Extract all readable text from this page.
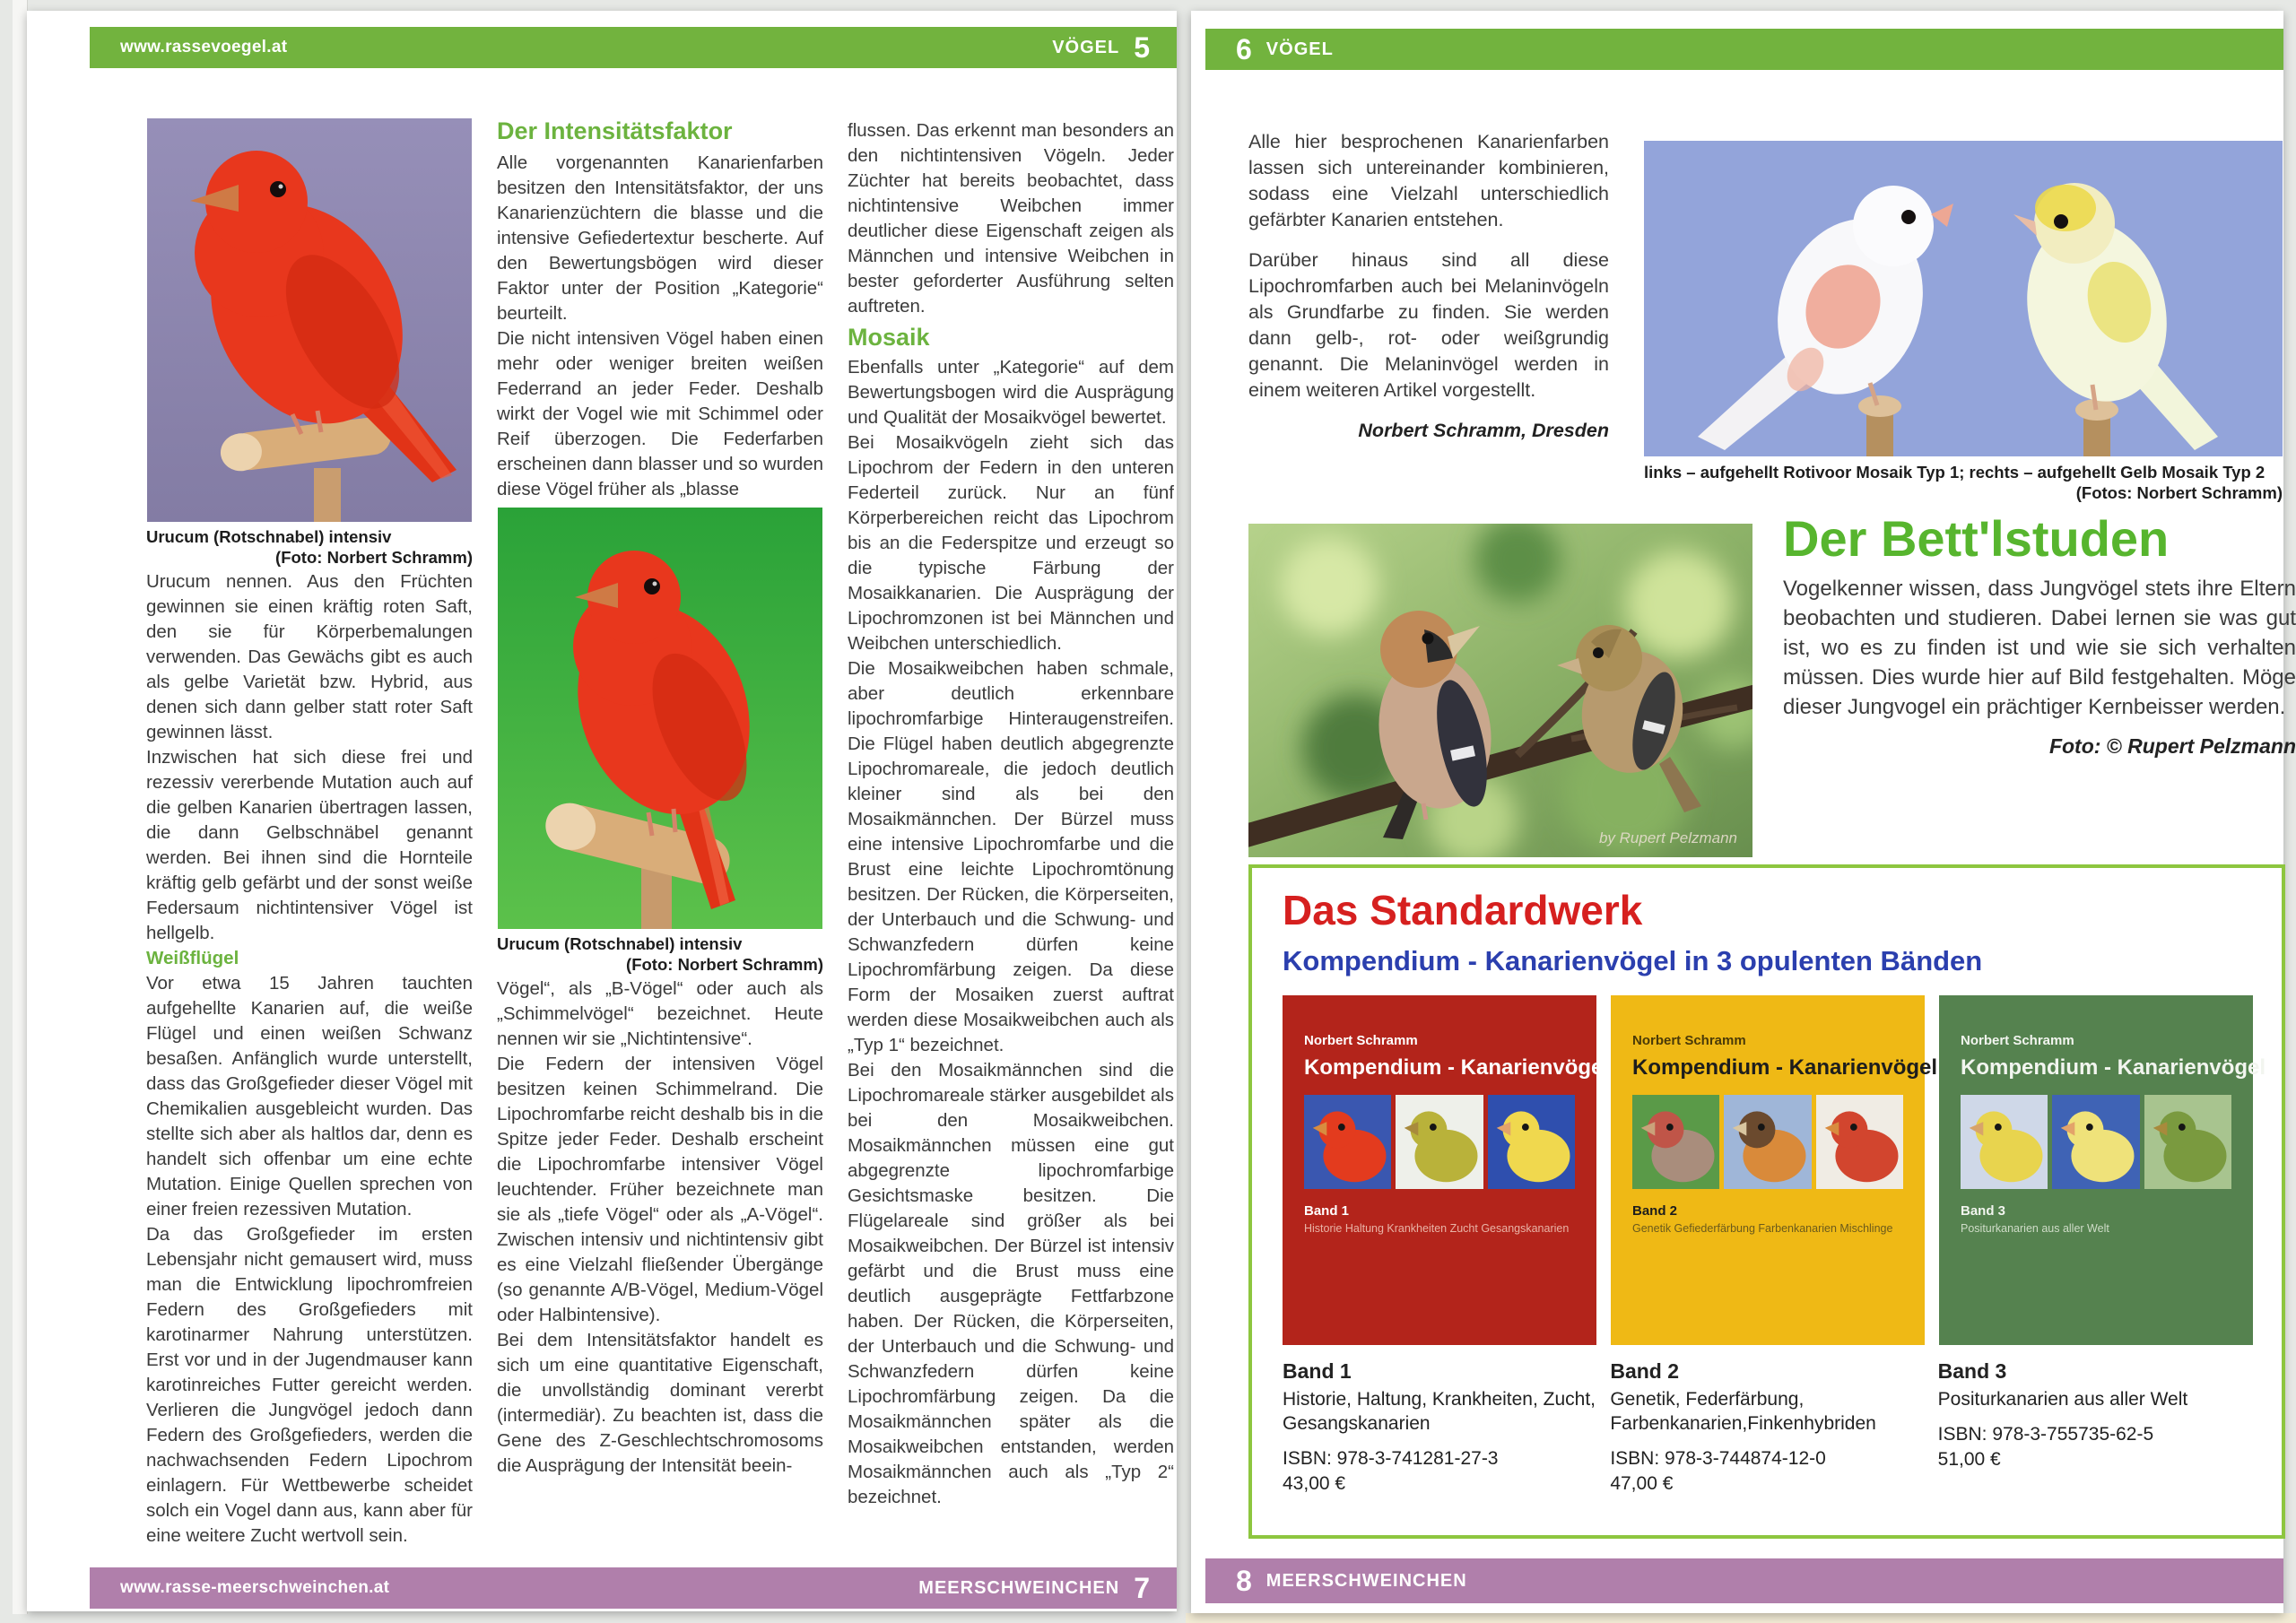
www.rassevoegel.at	VÖGEL 5
Urucum (Rotschnabel) intensiv
(Foto: Norbert Schramm)

Urucum nennen. Aus den Früchten gewinnen sie einen kräftig roten Saft, den sie für Körperbemalungen verwenden. Das Gewächs gibt es auch als gelbe Varietät bzw. Hybrid, aus denen sich dann gelber statt roter Saft gewinnen lässt.

Inzwischen hat sich diese frei und rezessiv vererbende Mutation auch auf die gelben Kanarien übertragen lassen, die dann Gelbschnäbel genannt werden. Bei ihnen sind die Hornteile kräftig gelb gefärbt und der sonst weiße Federsaum nichtintensiver Vögel ist hellgelb.

Weißflügel

Vor etwa 15 Jahren tauchten aufgehellte Kanarien auf, die weiße Flügel und einen weißen Schwanz besaßen. Anfänglich wurde unterstellt, dass das Großgefieder dieser Vögel mit Chemikalien ausgebleicht wurden. Das stellte sich aber als haltlos dar, denn es handelt sich offenbar um eine echte Mutation. Einige Quellen sprechen von einer freien rezessiven Mutation.

Da das Großgefieder im ersten Lebensjahr nicht gemausert wird, muss man die Entwicklung lipochromfreien Federn des Großgefieders mit karotinarmer Nahrung unterstützen. Erst vor und in der Jugendmauser kann karotinreiches Futter gereicht werden. Verlieren die Jungvögel jedoch dann Federn des Großgefieders, werden die nachwachsenden Federn Lipochrom einlagern. Für Wettbewerbe scheidet solch ein Vogel dann aus, kann aber für eine weitere Zucht wertvoll sein.

Der Intensitätsfaktor

Alle vorgenannten Kanarienfarben besitzen den Intensitätsfaktor, der uns Kanarienzüchtern die blasse und die intensive Gefiedertextur bescherte. Auf den Bewertungsbögen wird dieser Faktor unter der Position „Kategorie“ beurteilt.

Die nicht intensiven Vögel haben einen mehr oder weniger breiten weißen Federrand an jeder Feder. Deshalb wirkt der Vogel wie mit Schimmel oder Reif überzogen. Die Federfarben erscheinen dann blasser und so wurden diese Vögel früher als „blasse

Urucum (Rotschnabel) intensiv
(Foto: Norbert Schramm)

Vögel“, als „B-Vögel“ oder auch als „Schimmelvögel“ bezeichnet. Heute nennen wir sie „Nichtintensive“.

Die Federn der intensiven Vögel besitzen keinen Schimmelrand. Die Lipochromfarbe reicht deshalb bis in die Spitze jeder Feder. Deshalb erscheint die Lipochromfarbe intensiver Vögel leuchtender. Früher bezeichnete man sie als „tiefe Vögel“ oder als „A-Vögel“. Zwischen intensiv und nichtintensiv gibt es eine Vielzahl fließender Übergänge (so genannte A/B-Vögel, Medium-Vögel oder Halbintensive).

Bei dem Intensitätsfaktor handelt es sich um eine quantitative Eigenschaft, die unvollständig dominant vererbt (intermediär). Zu beachten ist, dass die Gene des Z-Geschlechtschromosoms die Ausprägung der Intensität beein-

flussen. Das erkennt man besonders an den nichtintensiven Vögeln. Jeder Züchter hat bereits beobachtet, dass nichtintensive Weibchen immer deutlicher diese Eigenschaft zeigen als Männchen und intensive Weibchen in bester geforderter Ausführung selten auftreten.

Mosaik

Ebenfalls unter „Kategorie“ auf dem Bewertungsbogen wird die Ausprägung und Qualität der Mosaikvögel bewertet.

Bei Mosaikvögeln zieht sich das Lipochrom der Federn in den unteren Federteil zurück. Nur an fünf Körperbereichen reicht das Lipochrom bis an die Federspitze und erzeugt so die typische Färbung der Mosaikkanarien. Die Ausprägung der Lipochromzonen ist bei Männchen und Weibchen unterschiedlich.

Die Mosaikweibchen haben schmale, aber deutlich erkennbare lipochromfarbige Hinteraugenstreifen. Die Flügel haben deutlich abgegrenzte Lipochromareale, die jedoch deutlich kleiner sind als bei den Mosaikmännchen. Der Bürzel muss eine intensive Lipochromfarbe und die Brust eine leichte Lipochromtönung besitzen. Der Rücken, die Körperseiten, der Unterbauch und die Schwung- und Schwanzfedern dürfen keine Lipochromfärbung zeigen. Da diese Form der Mosaiken zuerst auftrat werden diese Mosaikweibchen auch als „Typ 1“ bezeichnet.

Bei den Mosaikmännchen sind die Lipochromareale stärker ausgebildet als bei den Mosaikweibchen. Mosaikmännchen müssen eine gut abgegrenzte lipochromfarbige Gesichtsmaske besitzen. Die Flügelareale sind größer als bei Mosaikweibchen. Der Bürzel ist intensiv gefärbt und die Brust muss eine deutlich ausgeprägte Fettfarbzone haben. Der Rücken, die Körperseiten, der Unterbauch und die Schwung- und Schwanzfedern dürfen keine Lipochromfärbung zeigen. Da die Mosaikmännchen später als die Mosaikweibchen entstanden, werden Mosaikmännchen auch als „Typ 2“ bezeichnet.

www.rasse-meerschweinchen.at	MEERSCHWEINCHEN 7
6 VÖGEL

Alle hier besprochenen Kanarienfarben lassen sich untereinander kombinieren, sodass eine Vielzahl unterschiedlich gefärbter Kanarien entstehen.

Darüber hinaus sind all diese Lipochromfarben auch bei Melaninvögeln als Grundfarbe zu finden. Sie werden dann gelb-, rot- oder weißgrundig genannt. Die Melaninvögel werden in einem weiteren Artikel vorgestellt.

Norbert Schramm, Dresden
links – aufgehellt Rotivoor Mosaik Typ 1; rechts – aufgehellt Gelb Mosaik Typ 2
(Fotos: Norbert Schramm)
by Rupert Pelzmann
Der Bett'lstuden
Vogelkenner wissen, dass Jungvögel stets ihre Eltern beobachten und studieren. Dabei lernen sie was gut ist, wo es zu finden ist und wie sie sich verhalten müssen. Dies wurde hier auf Bild festgehalten. Möge dieser Jungvogel ein prächtiger Kernbeisser werden.
Foto: © Rupert Pelzmann
Das Standardwerk
Kompendium - Kanarienvögel in 3 opulenten Bänden
Norbert Schramm
Kompendium - Kanarienvögel
Band 1
Historie Haltung Krankheiten Zucht Gesangskanarien
Norbert Schramm
Kompendium - Kanarienvögel
Band 2
Genetik Gefiederfärbung Farbenkanarien Mischlinge
Norbert Schramm
Kompendium - Kanarienvögel
Band 3
Positurkanarien aus aller Welt
Band 1
Historie, Haltung, Krankheiten, Zucht, Gesangskanarien
ISBN: 978-3-741281-27-3
43,00 €
Band 2
Genetik, Federfärbung, Farbenkanarien,Finkenhybriden
ISBN: 978-3-744874-12-0
47,00 €
Band 3
Positurkanarien aus aller Welt
ISBN: 978-3-755735-62-5
51,00 €
8 MEERSCHWEINCHEN
